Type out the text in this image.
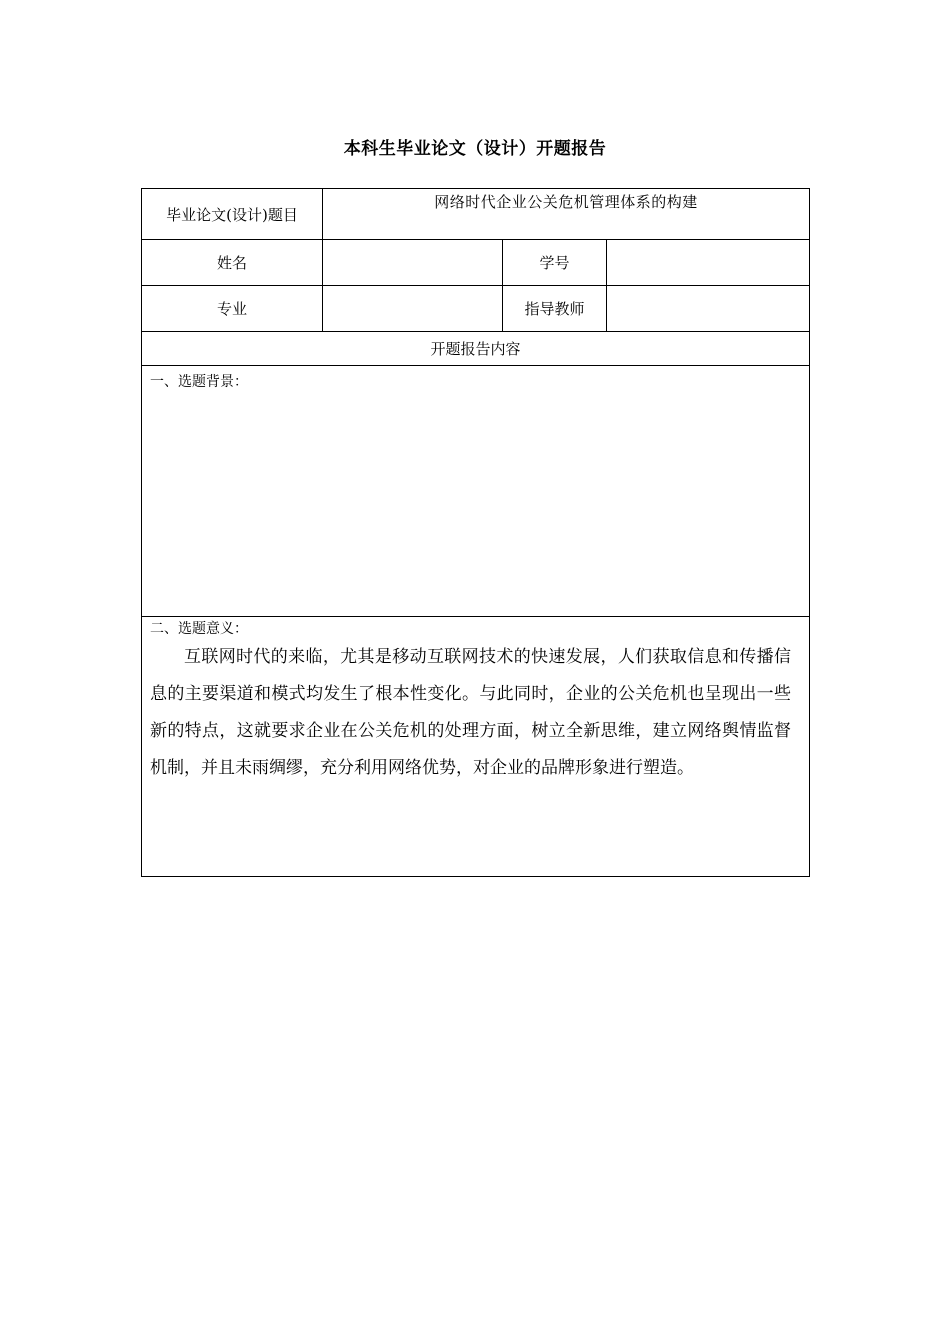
本科生毕业论文（设计）开题报告
毕业论文(设计)题目	网络时代企业公关危机管理体系的构建		

姓名		学号	
专业		指导教师	
开题报告内容			

一、选题背景：			

二、选题意义：

互联网时代的来临，尤其是移动互联网技术的快速发展，人们获取信息和传播信息的主要渠道和模式均发生了根本性变化。与此同时，企业的公关危机也呈现出一些新的特点，这就要求企业在公关危机的处理方面，树立全新思维，建立网络舆情监督机制，并且未雨绸缪，充分利用网络优势，对企业的品牌形象进行塑造。			
